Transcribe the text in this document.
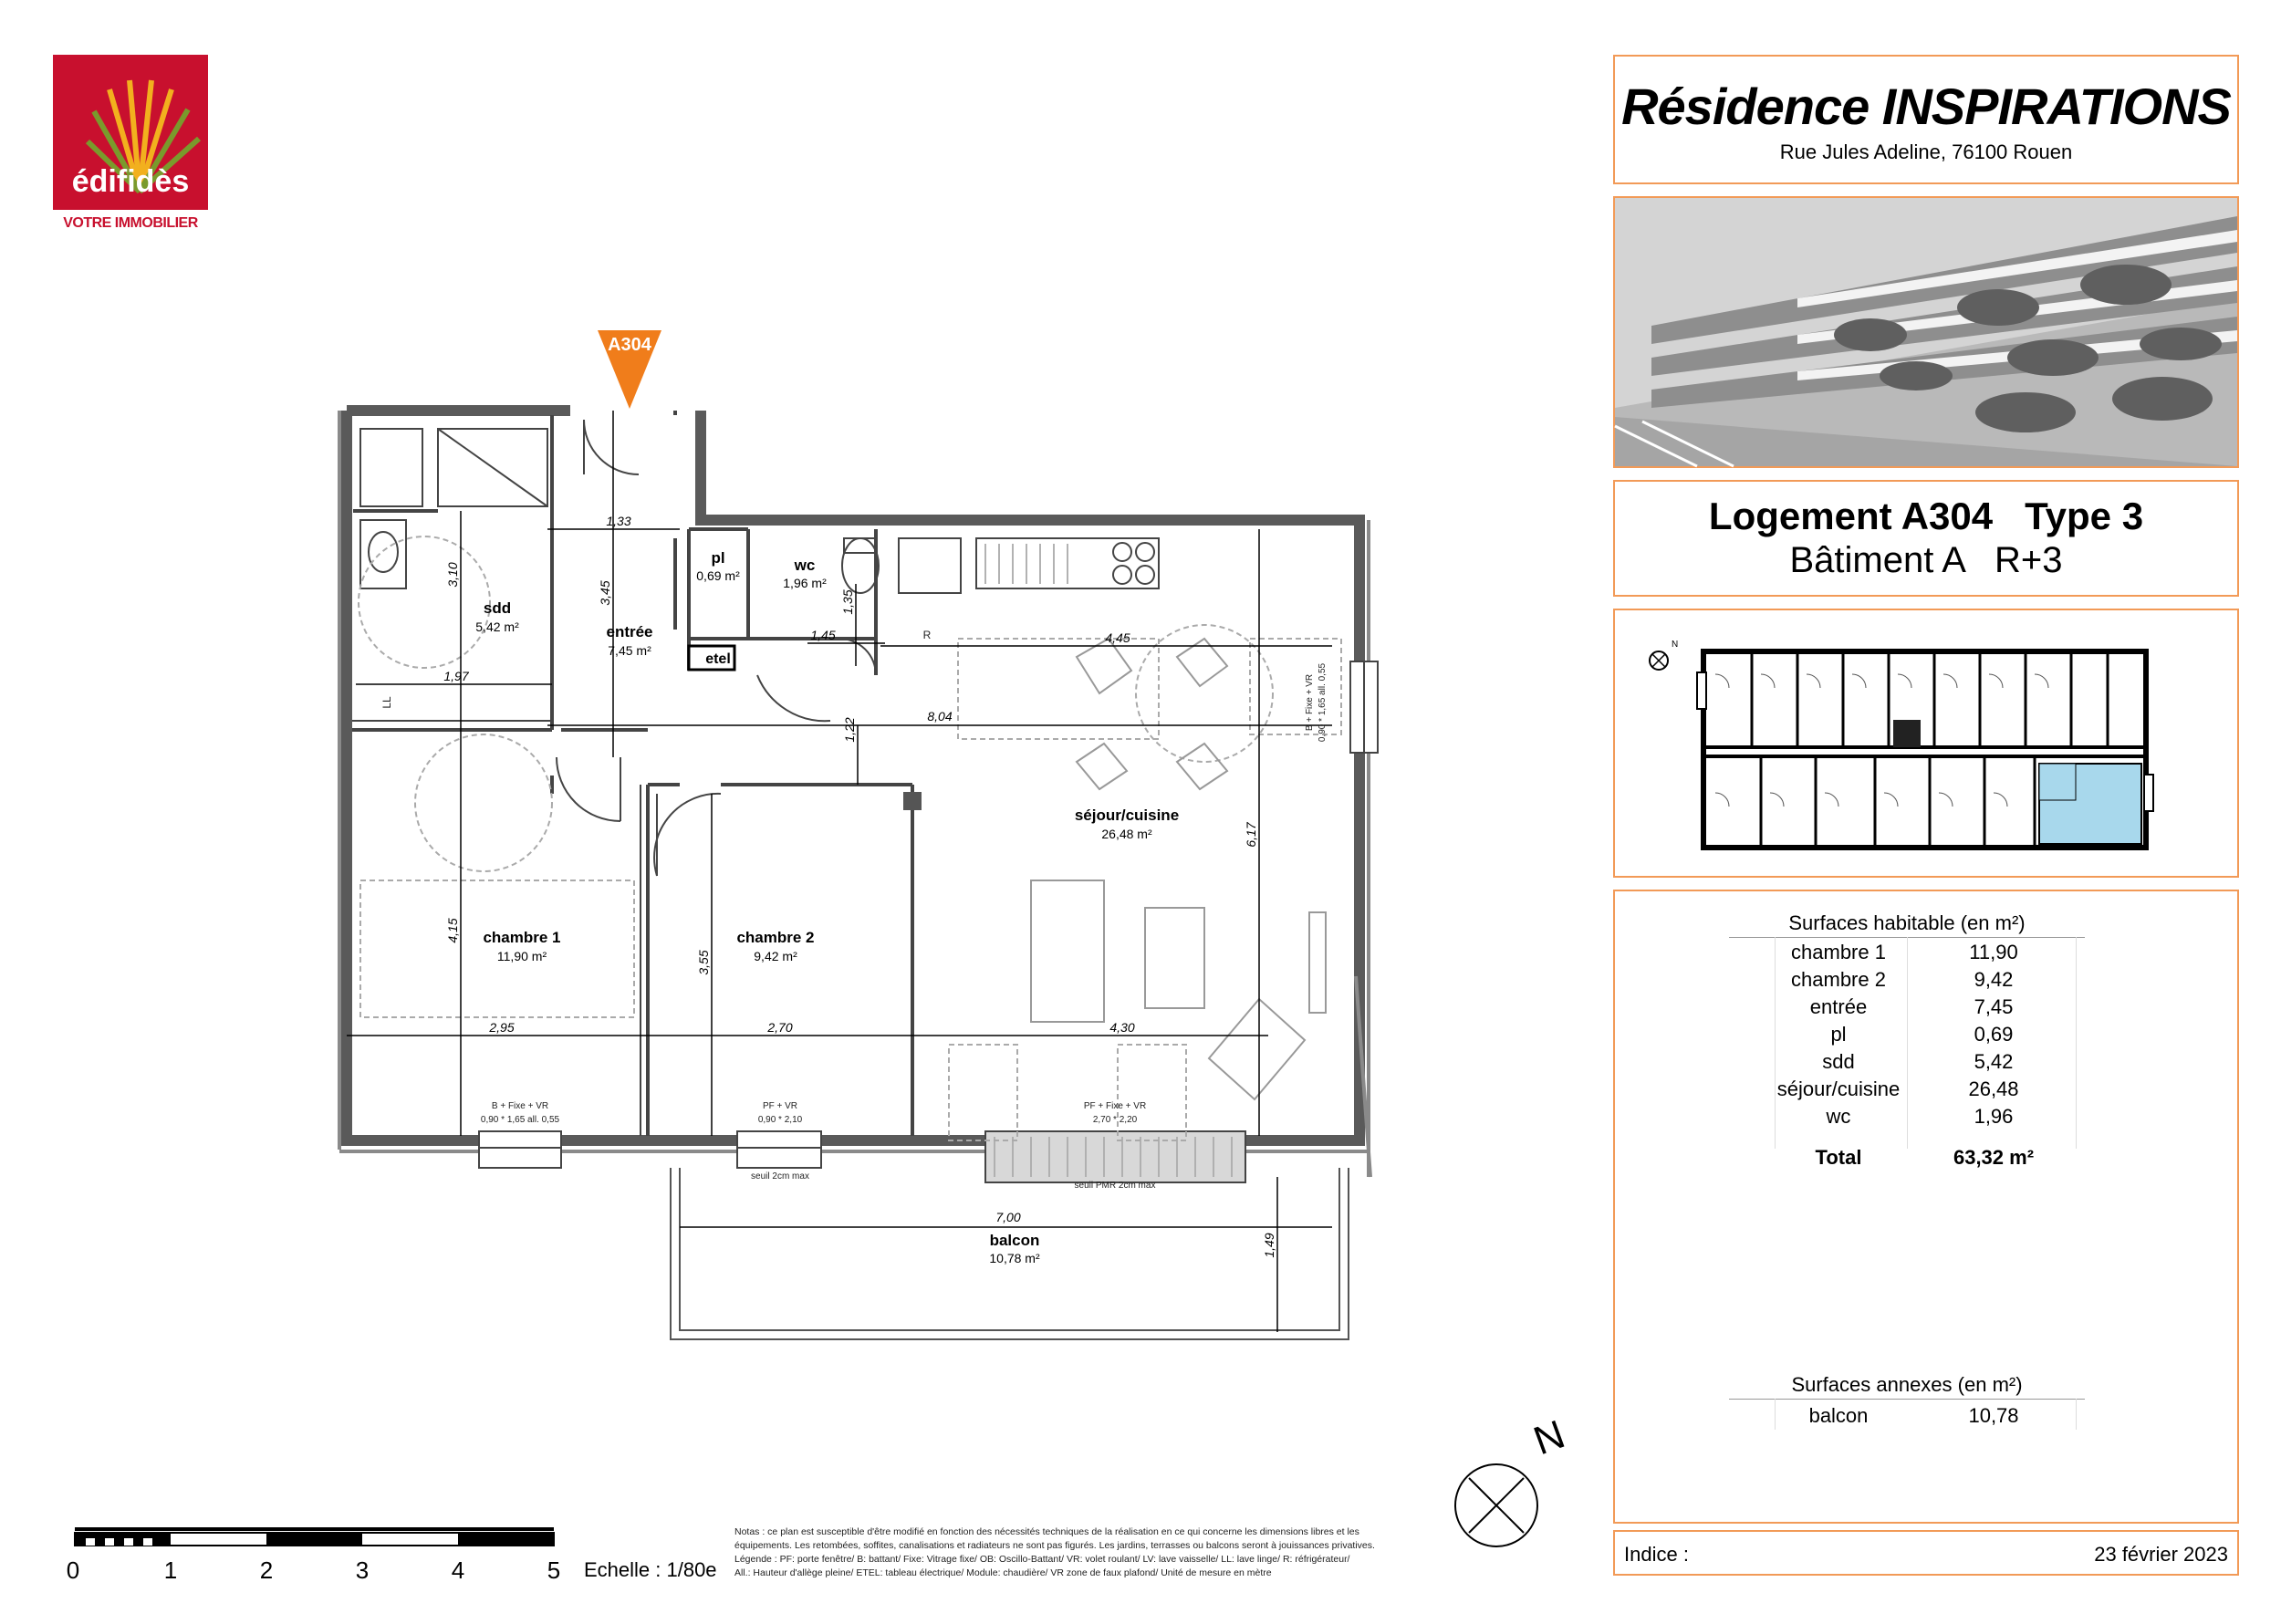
édifidès
VOTRE IMMOBILIER
A304
sdd
5,42 m²	entrée
7,45 m²
pl
0,69 m²
wc
1,96 m²
etel
séjour/cuisine
26,48 m²
chambre 1
11,90 m²
chambre 2
9,42 m²
balcon
10,78 m²
1,33
1,97
1,45	4,45
8,04
2,95	2,70	4,30
7,00
3,10
3,45	1,35
1,22
6,17
4,15
3,55
1,49
B + Fixe + VR
0,90 * 1,65 all. 0,55
PF + VR
0,90 * 2,10
PF + Fixe + VR
2,70 * 2,20
seuil 2cm max
seuil PMR 2cm max
B + Fixe + VR 0,90 * 1,65 all. 0,55
LL
R
0	1	2	3	4	5 Echelle : 1/80e
Notas : ce plan est susceptible d'être modifié en fonction des nécessités techniques de la réalisation en ce qui concerne les dimensions libres et les
équipements. Les retombées, soffites, canalisations et radiateurs ne sont pas figurés. Les jardins, terrasses ou balcons seront à jouissances privatives.
Légende : PF: porte fenêtre/ B: battant/ Fixe: Vitrage fixe/ OB: Oscillo-Battant/ VR: volet roulant/ LV: lave vaisselle/ LL: lave linge/ R: réfrigérateur/
All.: Hauteur d'allège pleine/ ETEL: tableau électrique/ Module: chaudière/ VR zone de faux plafond/ Unité de mesure en mètre
N
Résidence INSPIRATIONS
Rue Jules Adeline, 76100 Rouen
Logement A304   Type 3
Bâtiment A   R+3
N
Surfaces habitable (en m²)
chambre 1	11,90
chambre 2	9,42
entrée	7,45
pl	0,69
sdd	5,42
séjour/cuisine	26,48
wc	1,96
Total	63,32 m²
Surfaces annexes (en m²)
balcon	10,78
Indice :	23 février 2023
